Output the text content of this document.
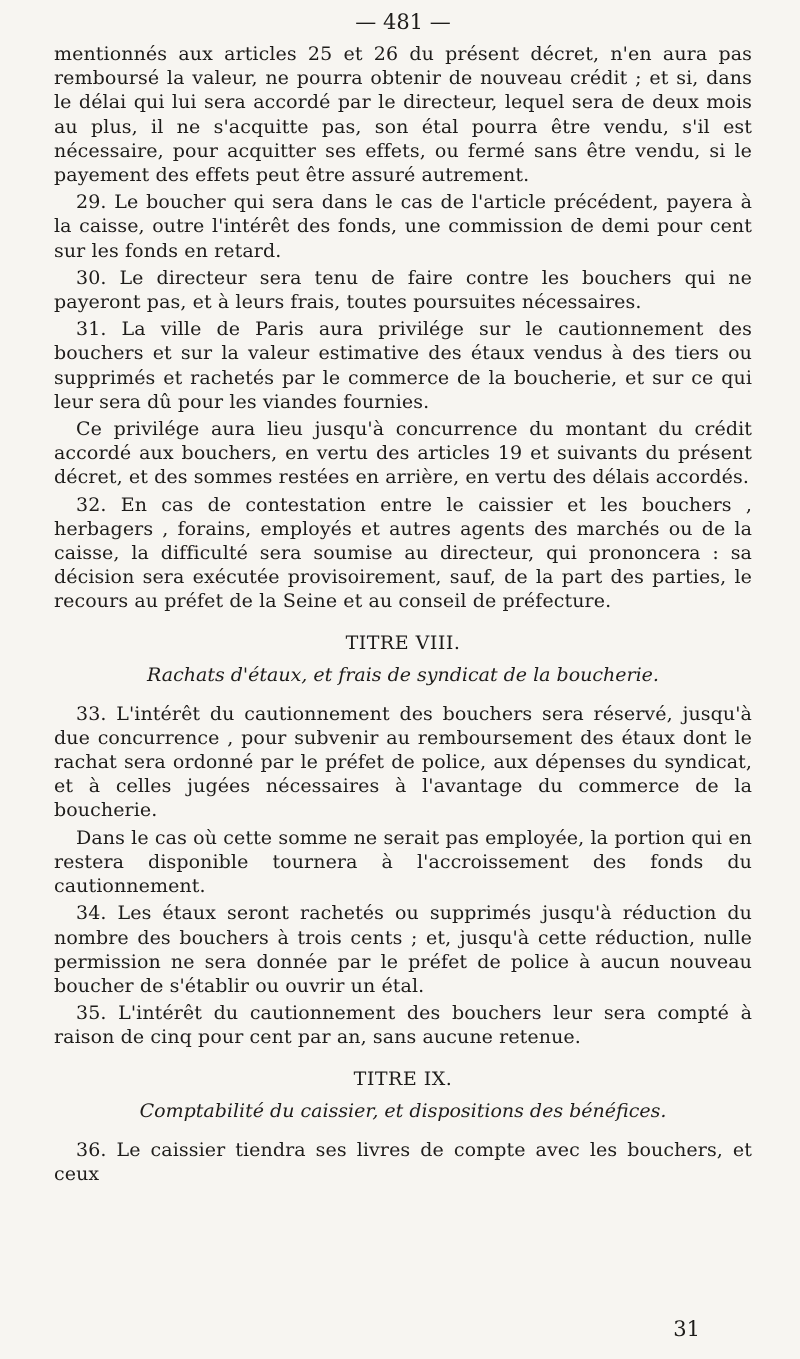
— 481 —

mentionnés aux articles 25 et 26 du présent décret, n'en aura pas remboursé la valeur, ne pourra obtenir de nouveau crédit ; et si, dans le délai qui lui sera accordé par le directeur, lequel sera de deux mois au plus, il ne s'acquitte pas, son étal pourra être vendu, s'il est nécessaire, pour acquitter ses effets, ou fermé sans être vendu, si le payement des effets peut être assuré autrement.

29. Le boucher qui sera dans le cas de l'article précédent, payera à la caisse, outre l'intérêt des fonds, une commission de demi pour cent sur les fonds en retard.

30. Le directeur sera tenu de faire contre les bouchers qui ne payeront pas, et à leurs frais, toutes poursuites nécessaires.

31. La ville de Paris aura privilége sur le cautionnement des bouchers et sur la valeur estimative des étaux vendus à des tiers ou supprimés et rachetés par le commerce de la boucherie, et sur ce qui leur sera dû pour les viandes fournies.

Ce privilége aura lieu jusqu'à concurrence du montant du crédit accordé aux bouchers, en vertu des articles 19 et suivants du présent décret, et des sommes restées en arrière, en vertu des délais accordés.

32. En cas de contestation entre le caissier et les bouchers , herbagers , forains, employés et autres agents des marchés ou de la caisse, la difficulté sera soumise au directeur, qui prononcera : sa décision sera exécutée provisoirement, sauf, de la part des parties, le recours au préfet de la Seine et au conseil de préfecture.

TITRE VIII.
Rachats d'étaux, et frais de syndicat de la boucherie.

33. L'intérêt du cautionnement des bouchers sera réservé, jusqu'à due concurrence , pour subvenir au remboursement des étaux dont le rachat sera ordonné par le préfet de police, aux dépenses du syndicat, et à celles jugées nécessaires à l'avantage du commerce de la boucherie.

Dans le cas où cette somme ne serait pas employée, la portion qui en restera disponible tournera à l'accroissement des fonds du cautionnement.

34. Les étaux seront rachetés ou supprimés jusqu'à réduction du nombre des bouchers à trois cents ; et, jusqu'à cette réduction, nulle permission ne sera donnée par le préfet de police à aucun nouveau boucher de s'établir ou ouvrir un étal.

35. L'intérêt du cautionnement des bouchers leur sera compté à raison de cinq pour cent par an, sans aucune retenue.

TITRE IX.
Comptabilité du caissier, et dispositions des bénéfices.

36. Le caissier tiendra ses livres de compte avec les bouchers, et ceux

31
